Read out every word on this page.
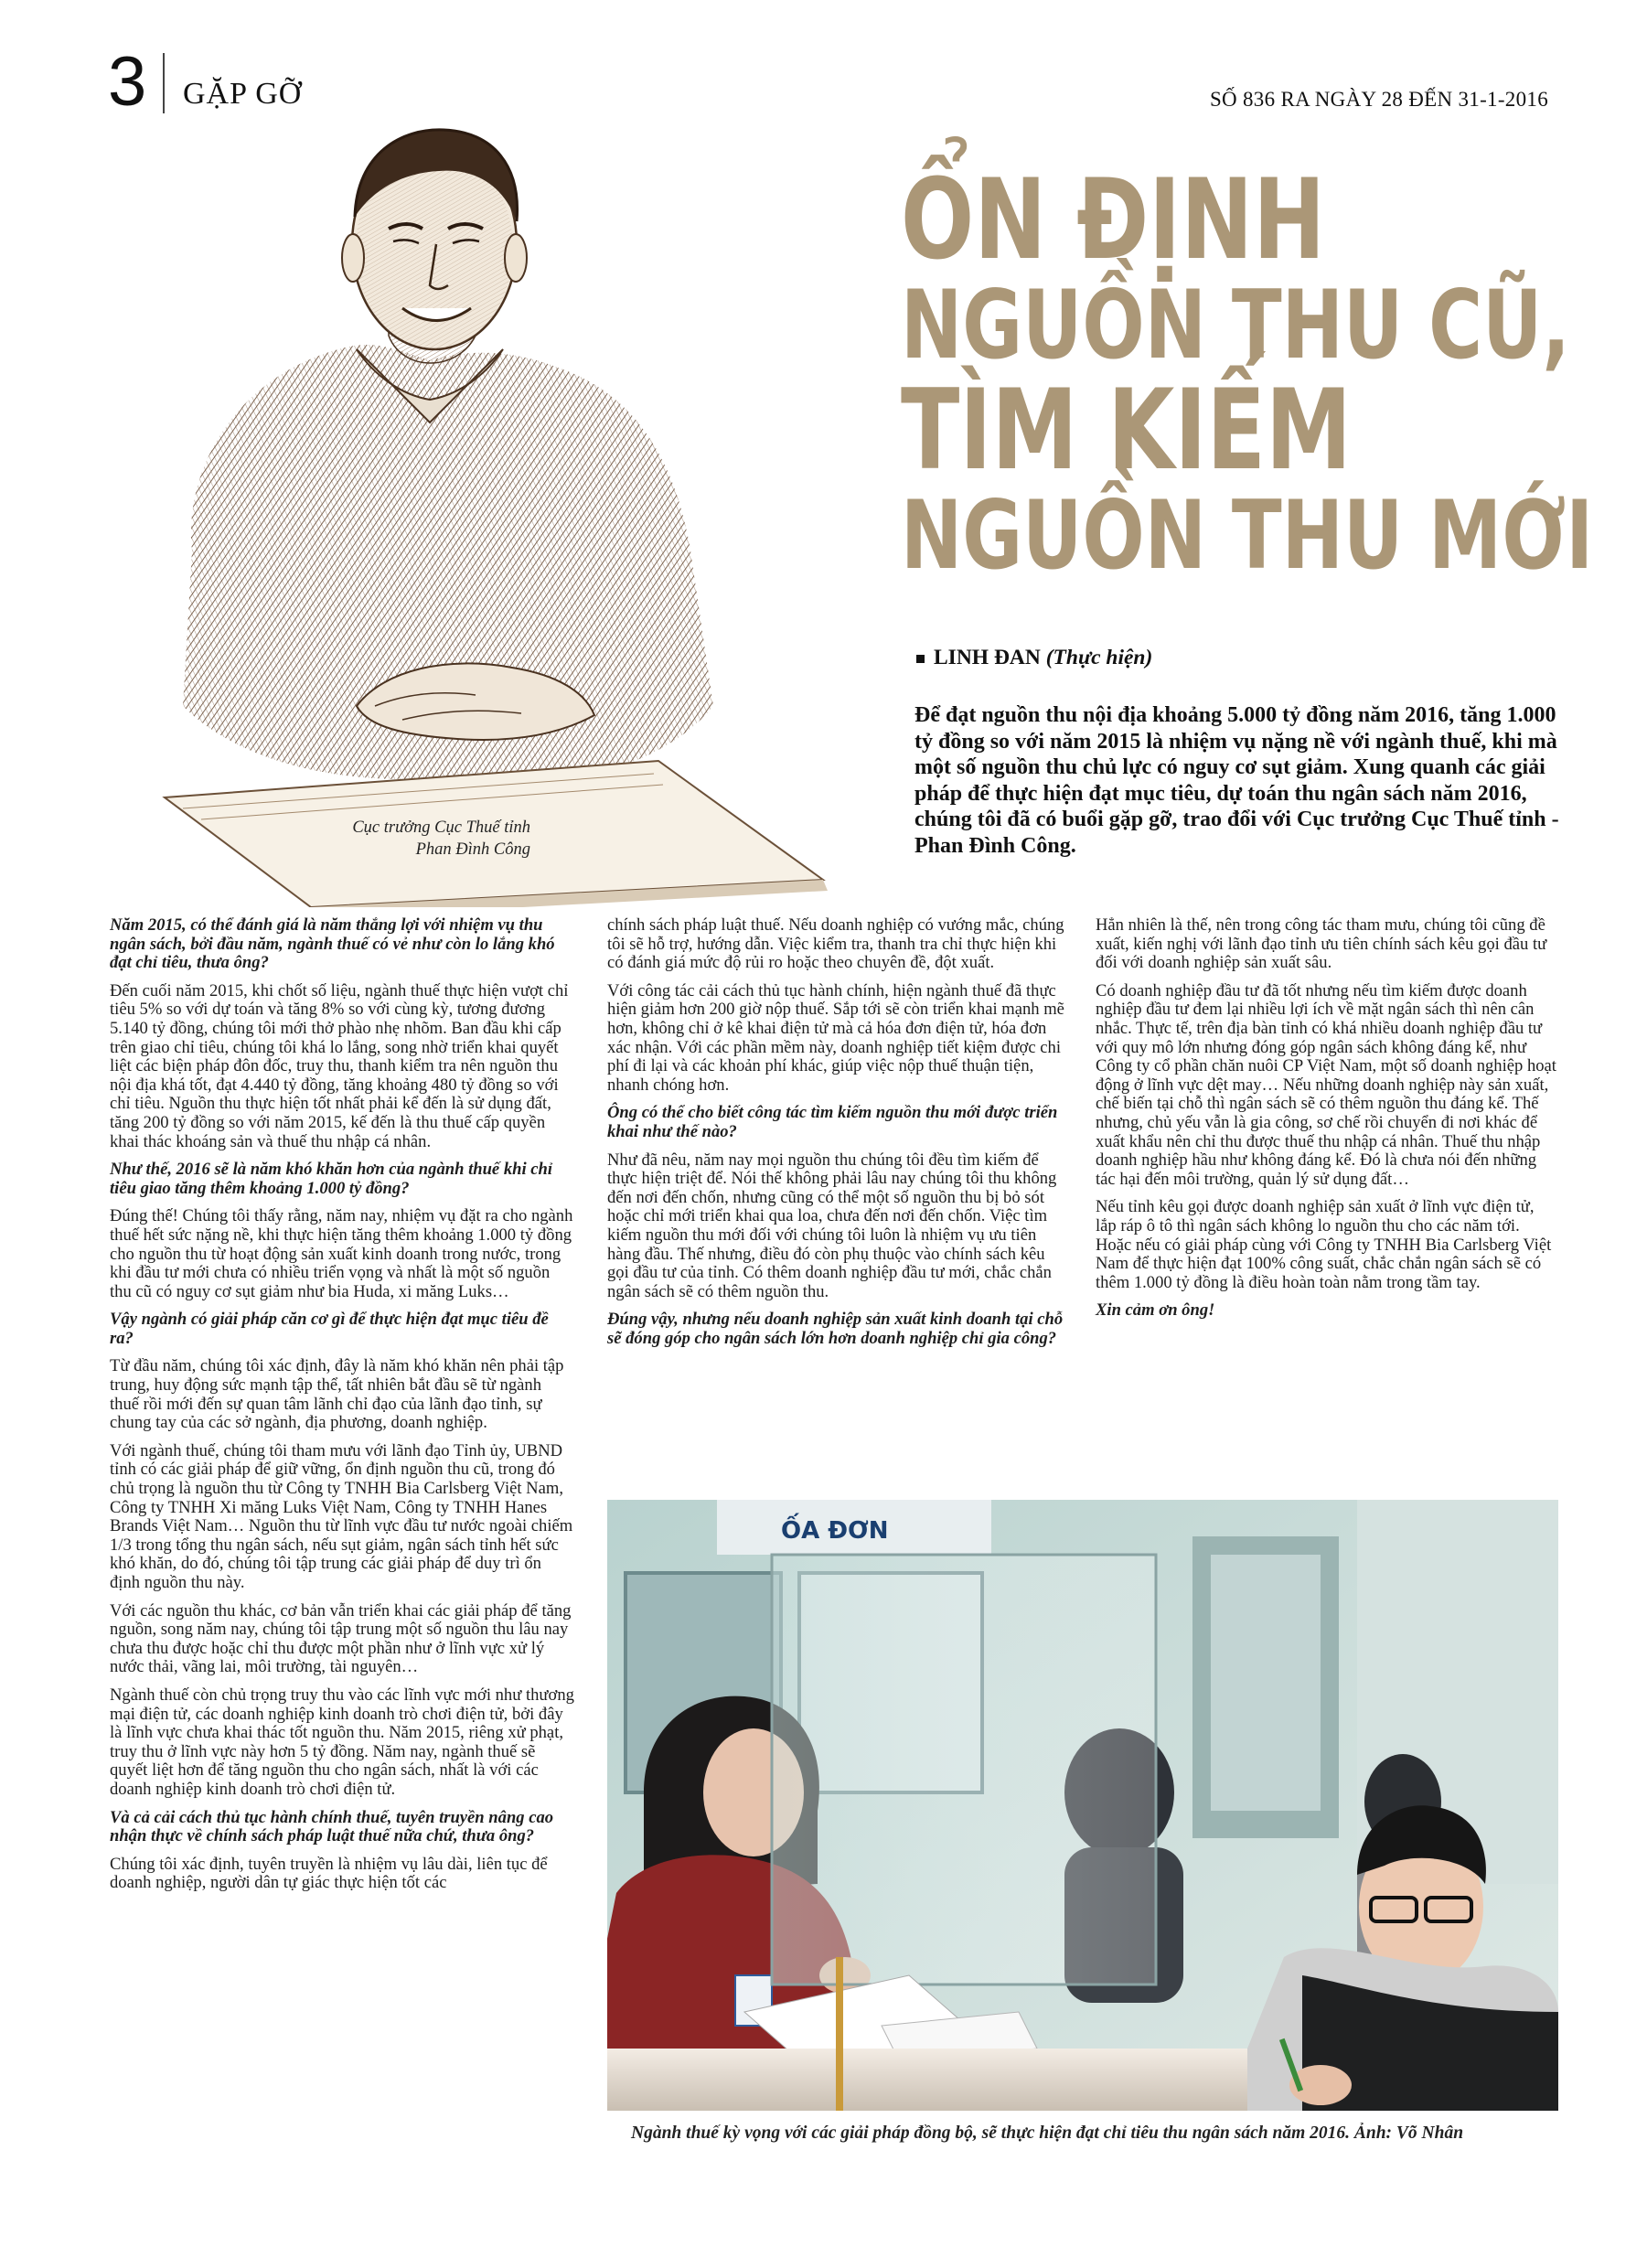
3 GẶP GỠ	SỐ 836 RA NGÀY 28 ĐẾN 31-1-2016
Cục trưởng Cục Thuế tỉnh
Phan Đình Công
ỔN ĐỊNH
NGUỒN THU CŨ,
TÌM KIẾM
NGUỒN THU MỚI
LINH ĐAN (Thực hiện)
Để đạt nguồn thu nội địa khoảng 5.000 tỷ đồng năm 2016, tăng 1.000 tỷ đồng so với năm 2015 là nhiệm vụ nặng nề với ngành thuế, khi mà một số nguồn thu chủ lực có nguy cơ sụt giảm. Xung quanh các giải pháp để thực hiện đạt mục tiêu, dự toán thu ngân sách năm 2016, chúng tôi đã có buổi gặp gỡ, trao đổi với Cục trưởng Cục Thuế tỉnh - Phan Đình Công.

Năm 2015, có thể đánh giá là năm thắng lợi với nhiệm vụ thu ngân sách, bởi đầu năm, ngành thuế có vẻ như còn lo lắng khó đạt chỉ tiêu, thưa ông?

Đến cuối năm 2015, khi chốt số liệu, ngành thuế thực hiện vượt chỉ tiêu 5% so với dự toán và tăng 8% so với cùng kỳ, tương đương 5.140 tỷ đồng, chúng tôi mới thở phào nhẹ nhõm. Ban đầu khi cấp trên giao chỉ tiêu, chúng tôi khá lo lắng, song nhờ triển khai quyết liệt các biện pháp đôn đốc, truy thu, thanh kiểm tra nên nguồn thu nội địa khá tốt, đạt 4.440 tỷ đồng, tăng khoảng 480 tỷ đồng so với chỉ tiêu. Nguồn thu thực hiện tốt nhất phải kể đến là sử dụng đất, tăng 200 tỷ đồng so với năm 2015, kế đến là thu thuế cấp quyền khai thác khoáng sản và thuế thu nhập cá nhân.

Như thế, 2016 sẽ là năm khó khăn hơn của ngành thuế khi chỉ tiêu giao tăng thêm khoảng 1.000 tỷ đồng?

Đúng thế! Chúng tôi thấy rằng, năm nay, nhiệm vụ đặt ra cho ngành thuế hết sức nặng nề, khi thực hiện tăng thêm khoảng 1.000 tỷ đồng cho nguồn thu từ hoạt động sản xuất kinh doanh trong nước, trong khi đầu tư mới chưa có nhiều triển vọng và nhất là một số nguồn thu cũ có nguy cơ sụt giảm như bia Huda, xi măng Luks…

Vậy ngành có giải pháp căn cơ gì để thực hiện đạt mục tiêu đề ra?

Từ đầu năm, chúng tôi xác định, đây là năm khó khăn nên phải tập trung, huy động sức mạnh tập thể, tất nhiên bắt đầu sẽ từ ngành thuế rồi mới đến sự quan tâm lãnh chỉ đạo của lãnh đạo tỉnh, sự chung tay của các sở ngành, địa phương, doanh nghiệp.

Với ngành thuế, chúng tôi tham mưu với lãnh đạo Tỉnh ủy, UBND tỉnh có các giải pháp để giữ vững, ổn định nguồn thu cũ, trong đó chủ trọng là nguồn thu từ Công ty TNHH Bia Carlsberg Việt Nam, Công ty TNHH Xi măng Luks Việt Nam, Công ty TNHH Hanes Brands Việt Nam… Nguồn thu từ lĩnh vực đầu tư nước ngoài chiếm 1/3 trong tổng thu ngân sách, nếu sụt giảm, ngân sách tỉnh hết sức khó khăn, do đó, chúng tôi tập trung các giải pháp để duy trì ổn định nguồn thu này.

Với các nguồn thu khác, cơ bản vẫn triển khai các giải pháp để tăng nguồn, song năm nay, chúng tôi tập trung một số nguồn thu lâu nay chưa thu được hoặc chỉ thu được một phần như ở lĩnh vực xử lý nước thải, vãng lai, môi trường, tài nguyên…

Ngành thuế còn chủ trọng truy thu vào các lĩnh vực mới như thương mại điện tử, các doanh nghiệp kinh doanh trò chơi điện tử, bởi đây là lĩnh vực chưa khai thác tốt nguồn thu. Năm 2015, riêng xử phạt, truy thu ở lĩnh vực này hơn 5 tỷ đồng. Năm nay, ngành thuế sẽ quyết liệt hơn để tăng nguồn thu cho ngân sách, nhất là với các doanh nghiệp kinh doanh trò chơi điện tử.

Và cả cải cách thủ tục hành chính thuế, tuyên truyền nâng cao nhận thực về chính sách pháp luật thuế nữa chứ, thưa ông?

Chúng tôi xác định, tuyên truyền là nhiệm vụ lâu dài, liên tục để doanh nghiệp, người dân tự giác thực hiện tốt các

chính sách pháp luật thuế. Nếu doanh nghiệp có vướng mắc, chúng tôi sẽ hỗ trợ, hướng dẫn. Việc kiểm tra, thanh tra chỉ thực hiện khi có đánh giá mức độ rủi ro hoặc theo chuyên đề, đột xuất.

Với công tác cải cách thủ tục hành chính, hiện ngành thuế đã thực hiện giảm hơn 200 giờ nộp thuế. Sắp tới sẽ còn triển khai mạnh mẽ hơn, không chỉ ở kê khai điện tử mà cả hóa đơn điện tử, hóa đơn xác nhận. Với các phần mềm này, doanh nghiệp tiết kiệm được chi phí đi lại và các khoản phí khác, giúp việc nộp thuế thuận tiện, nhanh chóng hơn.

Ông có thể cho biết công tác tìm kiếm nguồn thu mới được triển khai như thế nào?

Như đã nêu, năm nay mọi nguồn thu chúng tôi đều tìm kiếm để thực hiện triệt để. Nói thế không phải lâu nay chúng tôi thu không đến nơi đến chốn, nhưng cũng có thể một số nguồn thu bị bỏ sót hoặc chỉ mới triển khai qua loa, chưa đến nơi đến chốn. Việc tìm kiếm nguồn thu mới đối với chúng tôi luôn là nhiệm vụ ưu tiên hàng đầu. Thế nhưng, điều đó còn phụ thuộc vào chính sách kêu gọi đầu tư của tỉnh. Có thêm doanh nghiệp đầu tư mới, chắc chắn ngân sách sẽ có thêm nguồn thu.

Đúng vậy, nhưng nếu doanh nghiệp sản xuất kinh doanh tại chỗ sẽ đóng góp cho ngân sách lớn hơn doanh nghiệp chỉ gia công?

Hẳn nhiên là thế, nên trong công tác tham mưu, chúng tôi cũng đề xuất, kiến nghị với lãnh đạo tỉnh ưu tiên chính sách kêu gọi đầu tư đối với doanh nghiệp sản xuất sâu.

Có doanh nghiệp đầu tư đã tốt nhưng nếu tìm kiếm được doanh nghiệp đầu tư đem lại nhiều lợi ích về mặt ngân sách thì nên cân nhắc. Thực tế, trên địa bàn tỉnh có khá nhiều doanh nghiệp đầu tư với quy mô lớn nhưng đóng góp ngân sách không đáng kể, như Công ty cổ phần chăn nuôi CP Việt Nam, một số doanh nghiệp hoạt động ở lĩnh vực dệt may… Nếu những doanh nghiệp này sản xuất, chế biến tại chỗ thì ngân sách sẽ có thêm nguồn thu đáng kể. Thế nhưng, chủ yếu vẫn là gia công, sơ chế rồi chuyển đi nơi khác để xuất khẩu nên chỉ thu được thuế thu nhập cá nhân. Thuế thu nhập doanh nghiệp hầu như không đáng kể. Đó là chưa nói đến những tác hại đến môi trường, quản lý sử dụng đất…

Nếu tỉnh kêu gọi được doanh nghiệp sản xuất ở lĩnh vực điện tử, lắp ráp ô tô thì ngân sách không lo nguồn thu cho các năm tới. Hoặc nếu có giải pháp cùng với Công ty TNHH Bia Carlsberg Việt Nam để thực hiện đạt 100% công suất, chắc chắn ngân sách sẽ có thêm 1.000 tỷ đồng là điều hoàn toàn nằm trong tầm tay.

Xin cảm ơn ông!

ỐA ĐƠN
Ngành thuế kỳ vọng với các giải pháp đồng bộ, sẽ thực hiện đạt chỉ tiêu thu ngân sách năm 2016. Ảnh: Võ Nhân
